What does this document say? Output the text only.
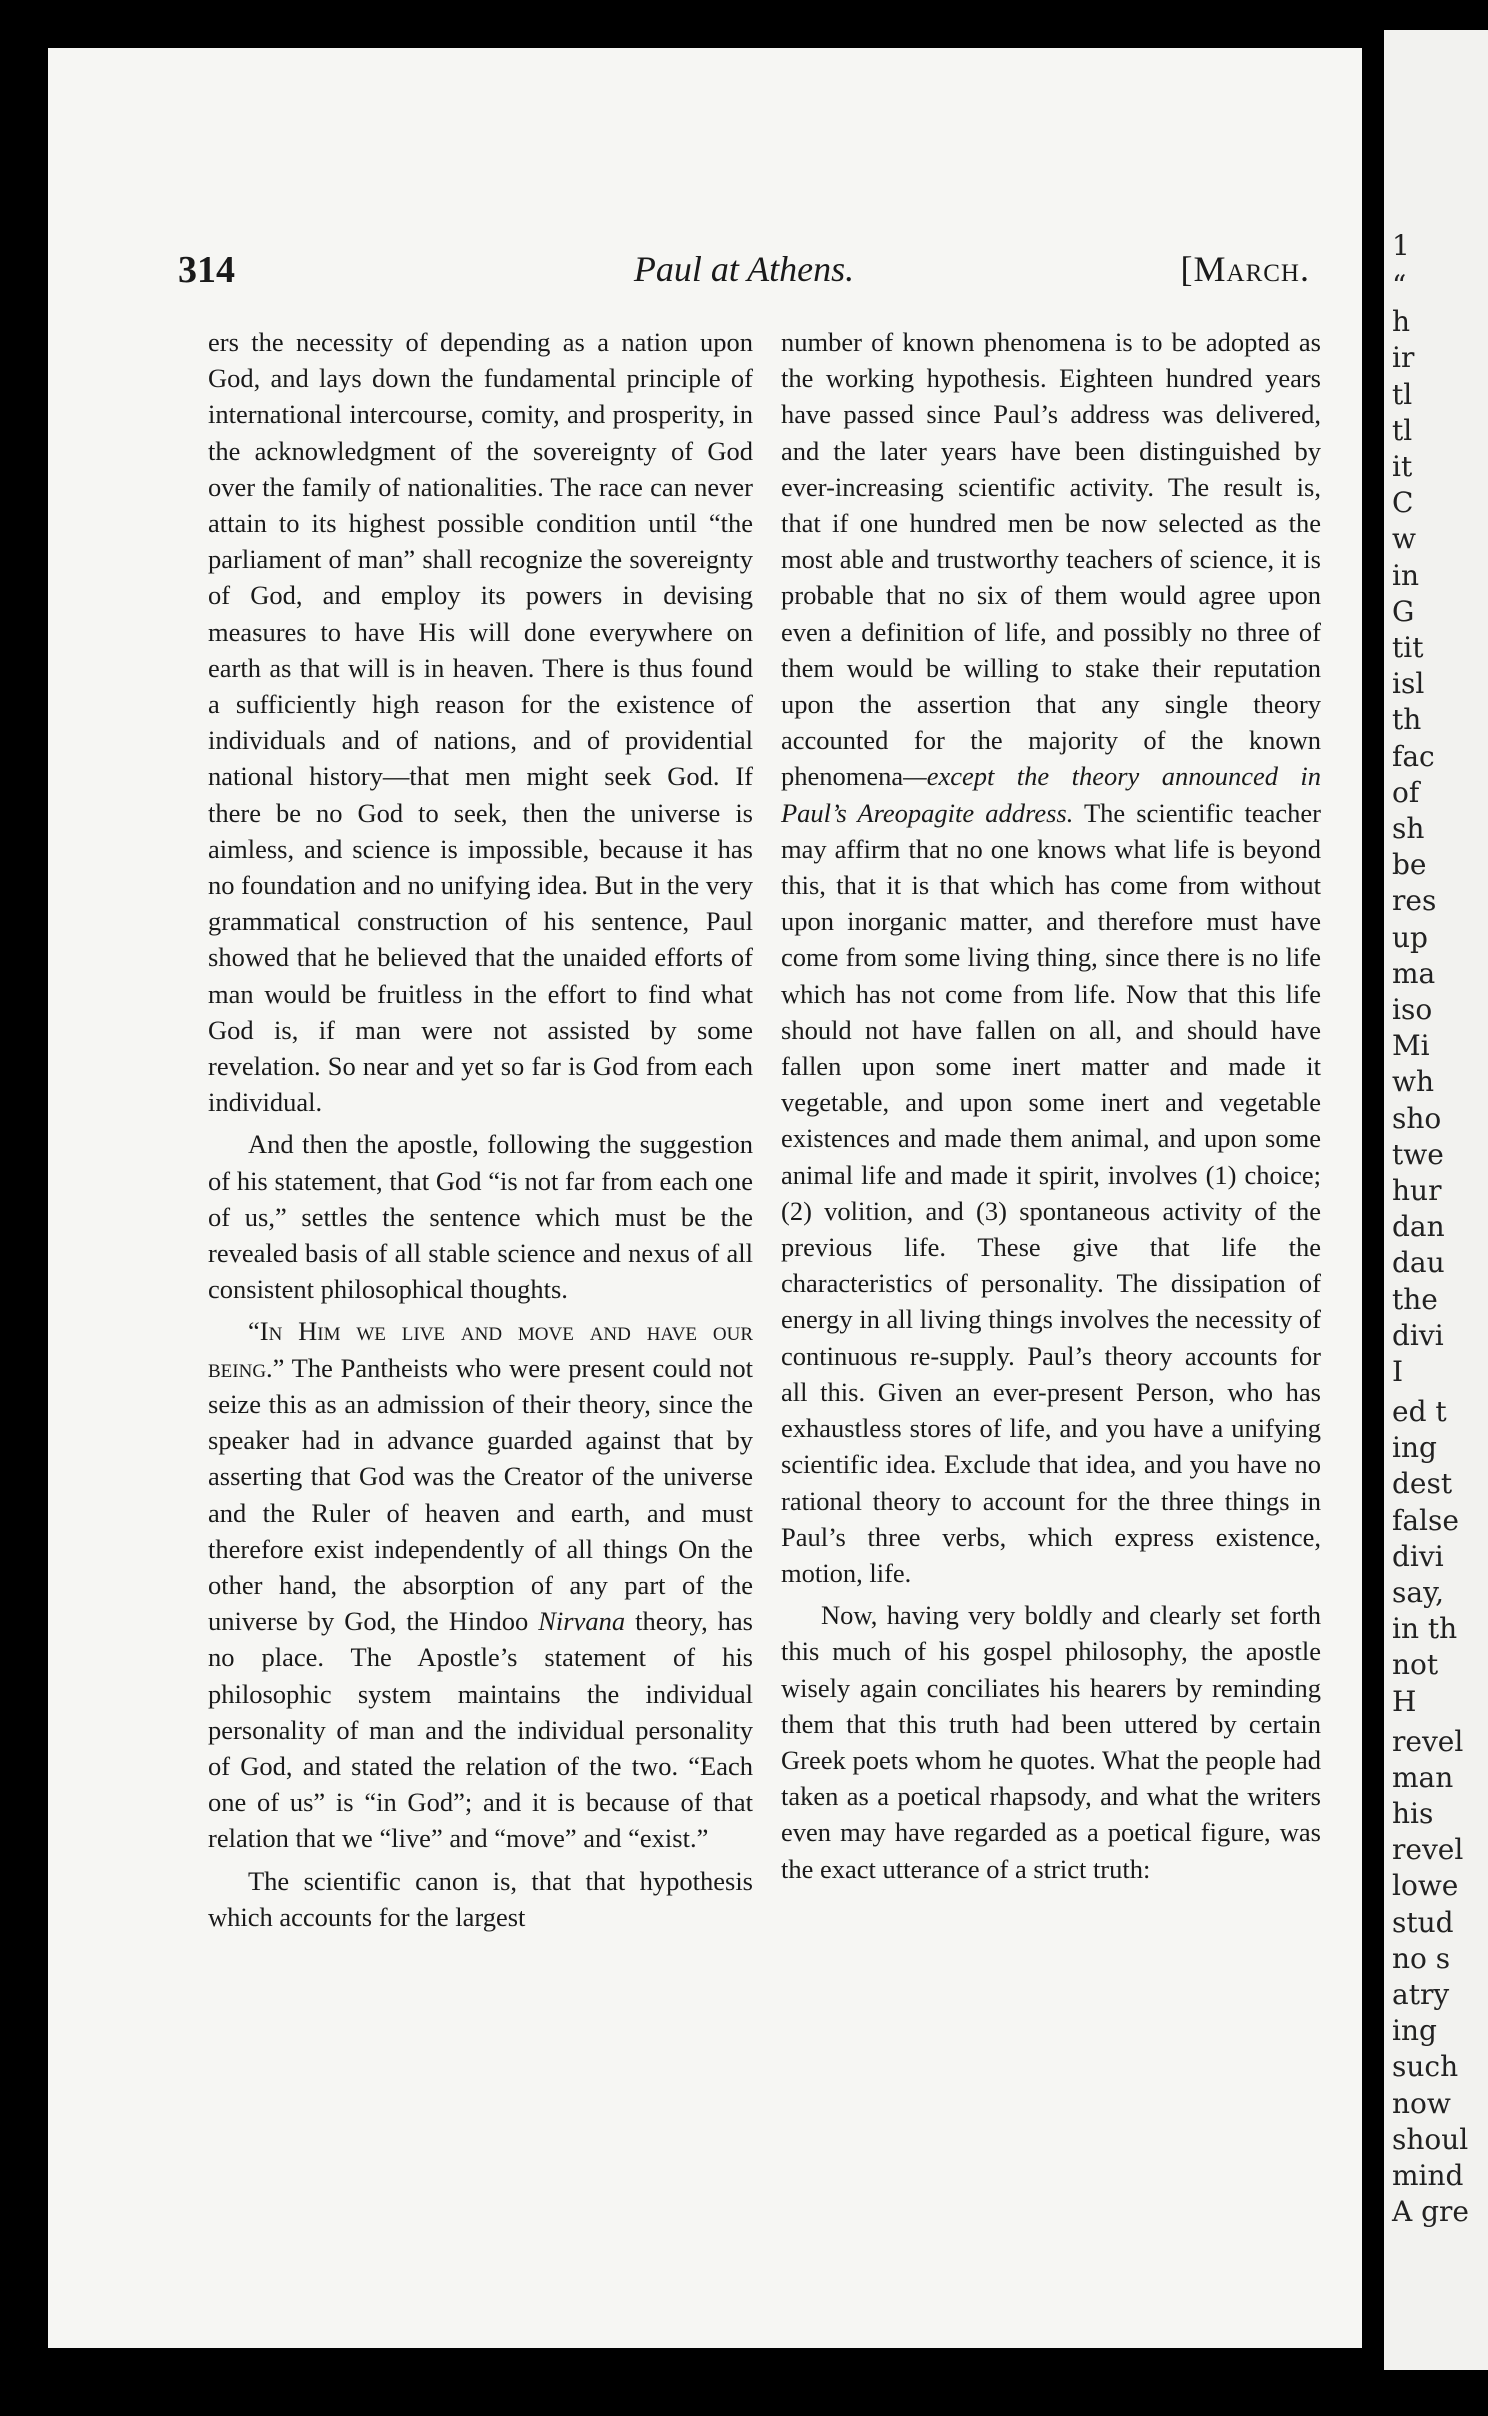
314	Paul at Athens.	[March.

ers the necessity of depending as a nation upon God, and lays down the fundamental principle of international intercourse, comity, and prosperity, in the acknowledgment of the sovereignty of God over the family of nationalities. The race can never attain to its highest possible condition until “the parliament of man” shall recognize the sovereignty of God, and employ its powers in devising measures to have His will done everywhere on earth as that will is in heaven. There is thus found a sufficiently high reason for the existence of individuals and of nations, and of providential national history—that men might seek God. If there be no God to seek, then the universe is aimless, and science is impossible, because it has no foundation and no unifying idea. But in the very grammatical construction of his sentence, Paul showed that he believed that the unaided efforts of man would be fruitless in the effort to find what God is, if man were not assisted by some revelation. So near and yet so far is God from each individual.

And then the apostle, following the suggestion of his statement, that God “is not far from each one of us,” settles the sentence which must be the revealed basis of all stable science and nexus of all consistent philosophical thoughts.

“In Him we live and move and have our being.” The Pantheists who were present could not seize this as an admission of their theory, since the speaker had in advance guarded against that by asserting that God was the Creator of the universe and the Ruler of heaven and earth, and must therefore exist independently of all things On the other hand, the absorption of any part of the universe by God, the Hindoo Nirvana theory, has no place. The Apostle’s statement of his philosophic system maintains the individual personality of man and the individual personality of God, and stated the relation of the two. “Each one of us” is “in God”; and it is because of that relation that we “live” and “move” and “exist.”

The scientific canon is, that that hypothesis which accounts for the largest

number of known phenomena is to be adopted as the working hypothesis. Eighteen hundred years have passed since Paul’s address was delivered, and the later years have been distinguished by ever-increasing scientific activity. The result is, that if one hundred men be now selected as the most able and trustworthy teachers of science, it is probable that no six of them would agree upon even a definition of life, and possibly no three of them would be willing to stake their reputation upon the assertion that any single theory accounted for the majority of the known phenomena—except the theory announced in Paul’s Areopagite address. The scientific teacher may affirm that no one knows what life is beyond this, that it is that which has come from without upon inorganic matter, and therefore must have come from some living thing, since there is no life which has not come from life. Now that this life should not have fallen on all, and should have fallen upon some inert matter and made it vegetable, and upon some inert and vegetable existences and made them animal, and upon some animal life and made it spirit, involves (1) choice; (2) volition, and (3) spontaneous activity of the previous life. These give that life the characteristics of personality. The dissipation of energy in all living things involves the necessity of continuous re-supply. Paul’s theory accounts for all this. Given an ever-present Person, who has exhaustless stores of life, and you have a unifying scientific idea. Exclude that idea, and you have no rational theory to account for the three things in Paul’s three verbs, which express existence, motion, life.

Now, having very boldly and clearly set forth this much of his gospel philosophy, the apostle wisely again conciliates his hearers by reminding them that this truth had been uttered by certain Greek poets whom he quotes. What the people had taken as a poetical rhapsody, and what the writers even may have regarded as a poetical figure, was the exact utterance of a strict truth:

1
“
h
ir
tl
tl
it
C
w
in
G
tit
isl
th
fac
of
sh
be
res
up
ma
iso
Mi
wh
sho
twe
hur
dan
dau
the
divi
I
ed t
ing
dest
false
divi
say,
in th
not
H
revel
man
his
revel
lowe
stud
no s
atry
ing
such
now
shoul
mind
A gre
